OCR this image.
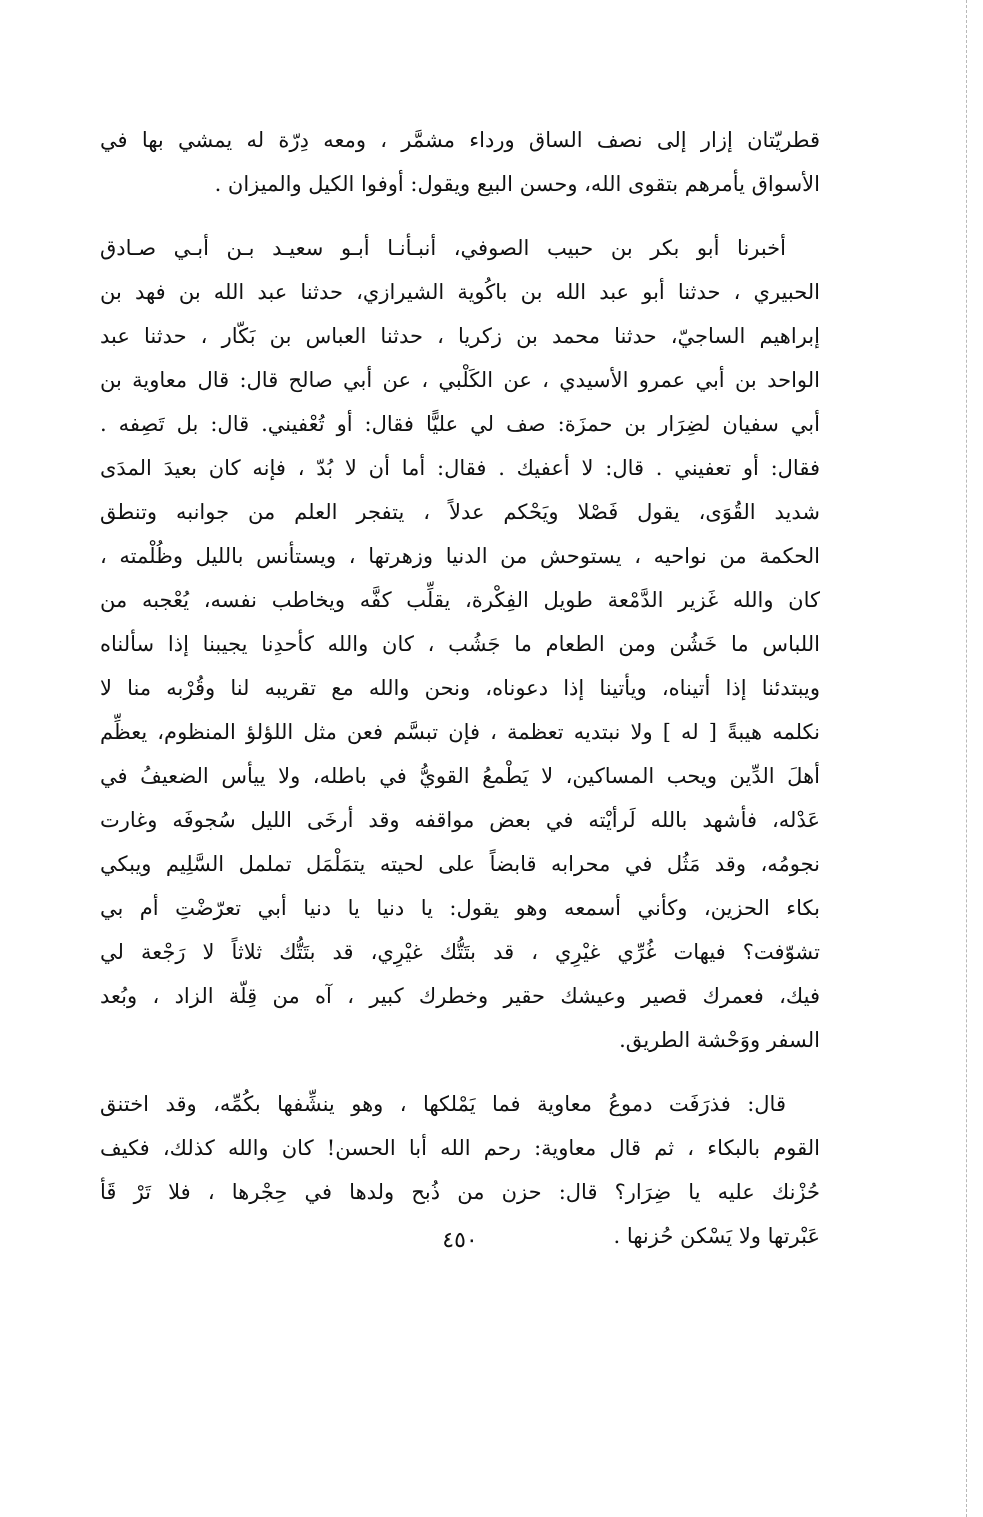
قطريّتان إزار إلى نصف الساق ورداء مشمَّر ، ومعه دِرّة له يمشي بها في
الأسواق يأمرهم بتقوى الله، وحسن البيع ويقول: أوفوا الكيل والميزان .
أخبرنا أبو بكر بن حبيب الصوفي، أنبـأنـا أبـو سعيـد بـن أبـي صـادق
الحبيري ، حدثنا أبو عبد الله بن باكُوية الشيرازي، حدثنا عبد الله بن فهد بن
إبراهيم الساجيّ، حدثنا محمد بن زكريا ، حدثنا العباس بن بَكّار ، حدثنا عبد
الواحد بن أبي عمرو الأسيدي ، عن الكَلْبي ، عن أبي صالح قال: قال معاوية بن
أبي سفيان لضِرَار بن حمزَة: صف لي عليًّا فقال: أو تُعْفيني. قال: بل تَصِفه .
فقال: أو تعفيني . قال: لا أعفيك . فقال: أما أن لا بُدّ ، فإنه كان بعيدَ المدَى
شديد القُوَى، يقول فَصْلا ويَحْكم عدلاً ، يتفجر العلم من جوانبه وتنطق
الحكمة من نواحيه ، يستوحش من الدنيا وزهرتها ، ويستأنس بالليل وظُلْمته ،
كان والله غَزير الدَّمْعة طويل الفِكْرة، يقلِّب كفَّه ويخاطب نفسه، يُعْجبه من
اللباس ما خَشُن ومن الطعام ما جَشُب ، كان والله كأحدِنا يجيبنا إذا سألناه
ويبتدئنا إذا أتيناه، ويأتينا إذا دعوناه، ونحن والله مع تقريبه لنا وقُرْبه منا لا
نكلمه هيبةً [ له ] ولا نبتديه تعظمة ، فإن تبسَّم فعن مثل اللؤلؤ المنظوم، يعظِّم
أهلَ الدِّين ويحب المساكين، لا يَطْمعُ القويُّ في باطله، ولا ييأس الضعيفُ في
عَدْله، فأشهد بالله لَرأيْته في بعض مواقفه وقد أرخَى الليل سُجوفَه وغارت
نجومُه، وقد مَثُل في محرابه قابضاً على لحيته يتمَلْمَل تململ السَّلِيم ويبكي
بكاء الحزين، وكأني أسمعه وهو يقول: يا دنيا يا دنيا أبي تعرّضْتِ أم بي
تشوّفت؟ فيهات غُرِّي غيْرِي ، قد بتَتُّك غيْرِي، قد بتَتُّك ثلاثاً لا رَجْعة لي
فيك، فعمرك قصير وعيشك حقير وخطرك كبير ، آه من قِلّة الزاد ، وبُعد
السفر ووَحْشة الطريق.
قال: فذرَفَت دموعُ معاوية فما يَمْلكها ، وهو ينشِّفها بكُمِّه، وقد اختنق
القوم بالبكاء ، ثم قال معاوية: رحم الله أبا الحسن! كان والله كذلك، فكيف
حُزْنك عليه يا ضِرَار؟ قال: حزن من ذُبح ولدها في حِجْرها ، فلا تَرْ قَأ
عَبْرتها ولا يَسْكن حُزنها .
٤٥٠
